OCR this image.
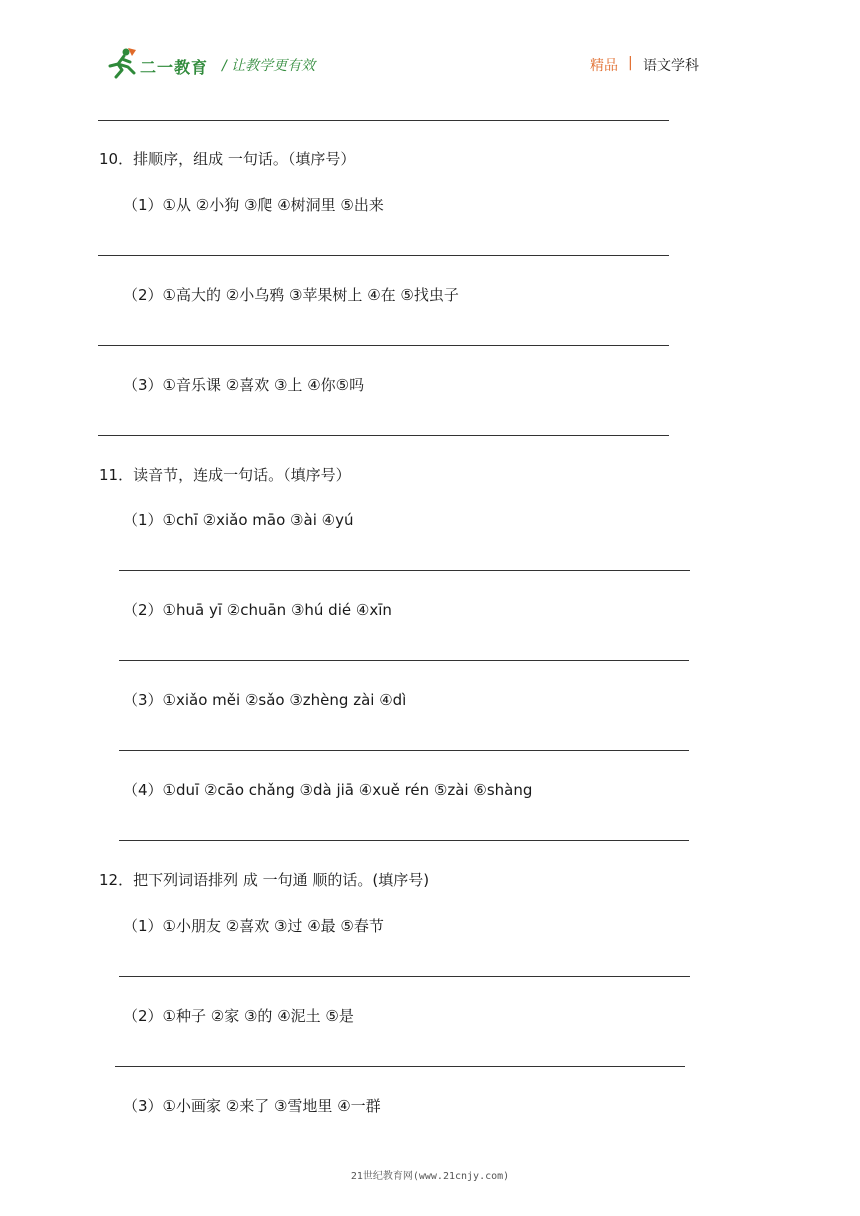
二一教育 / 让教学更有效	精品 | 语文学科
10．排顺序，组成 一句话。（填序号）
（1）①从 ②小狗 ③爬 ④树洞里 ⑤出来
（2）①高大的 ②小乌鸦 ③苹果树上 ④在 ⑤找虫子
（3）①音乐课 ②喜欢 ③上 ④你⑤吗
11．读音节，连成一句话。（填序号）
（1）①chī ②xiǎo māo ③ài ④yú
（2）①huā yī ②chuān ③hú dié ④xīn
（3）①xiǎo měi ②sǎo ③zhèng zài ④dì
（4）①duī ②cāo chǎng ③dà jiā ④xuě rén ⑤zài ⑥shàng
12．把下列词语排列 成 一句通 顺的话。(填序号)
（1）①小朋友 ②喜欢 ③过 ④最 ⑤春节
（2）①种子 ②家 ③的 ④泥土 ⑤是
（3）①小画家 ②来了 ③雪地里 ④一群
21世纪教育网(www.21cnjy.com)
